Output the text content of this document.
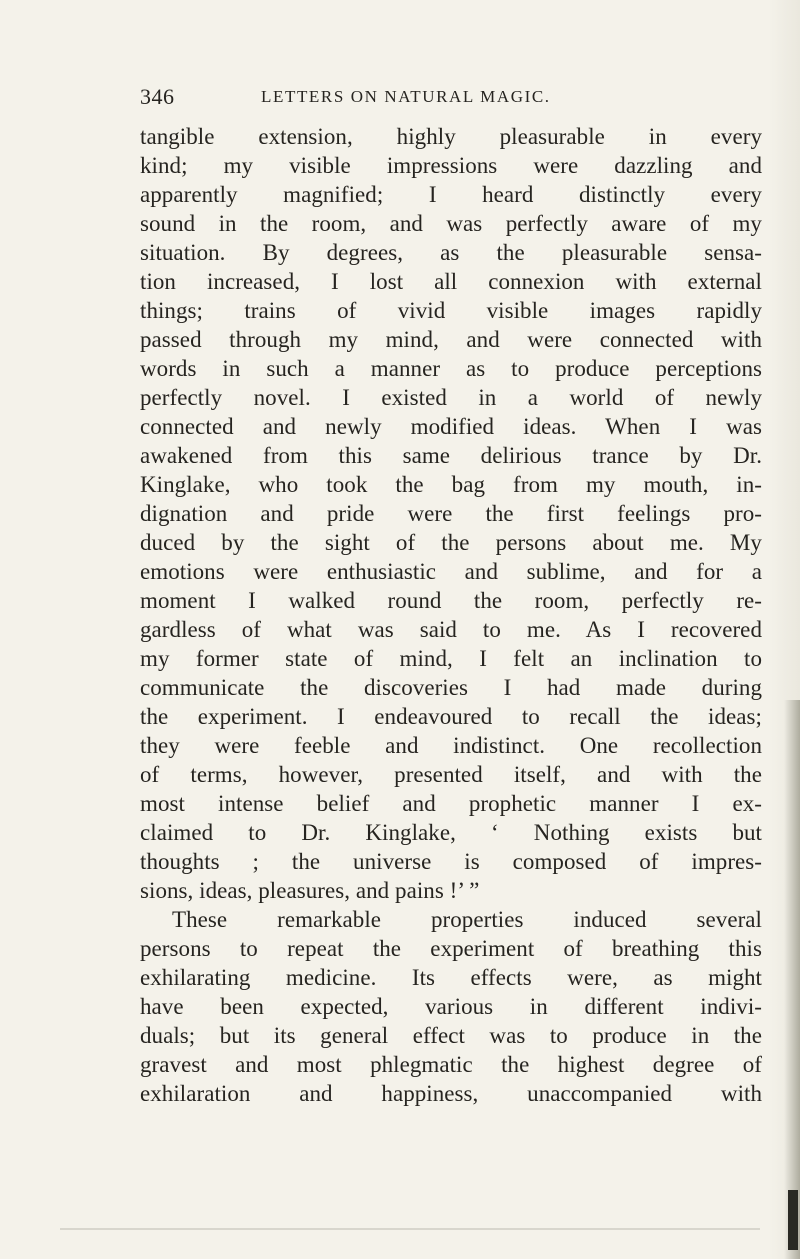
346	LETTERS ON NATURAL MAGIC.
tangible extension, highly pleasurable in every
kind; my visible impressions were dazzling and
apparently magnified; I heard distinctly every
sound in the room, and was perfectly aware of my
situation. By degrees, as the pleasurable sensa-
tion increased, I lost all connexion with external
things; trains of vivid visible images rapidly
passed through my mind, and were connected with
words in such a manner as to produce perceptions
perfectly novel. I existed in a world of newly
connected and newly modified ideas. When I was
awakened from this same delirious trance by Dr.
Kinglake, who took the bag from my mouth, in-
dignation and pride were the first feelings pro-
duced by the sight of the persons about me. My
emotions were enthusiastic and sublime, and for a
moment I walked round the room, perfectly re-
gardless of what was said to me. As I recovered
my former state of mind, I felt an inclination to
communicate the discoveries I had made during
the experiment. I endeavoured to recall the ideas;
they were feeble and indistinct. One recollection
of terms, however, presented itself, and with the
most intense belief and prophetic manner I ex-
claimed to Dr. Kinglake, ‘ Nothing exists but
thoughts ; the universe is composed of impres-
sions, ideas, pleasures, and pains !’ ”
These remarkable properties induced several
persons to repeat the experiment of breathing this
exhilarating medicine. Its effects were, as might
have been expected, various in different indivi-
duals; but its general effect was to produce in the
gravest and most phlegmatic the highest degree of
exhilaration and happiness, unaccompanied with
